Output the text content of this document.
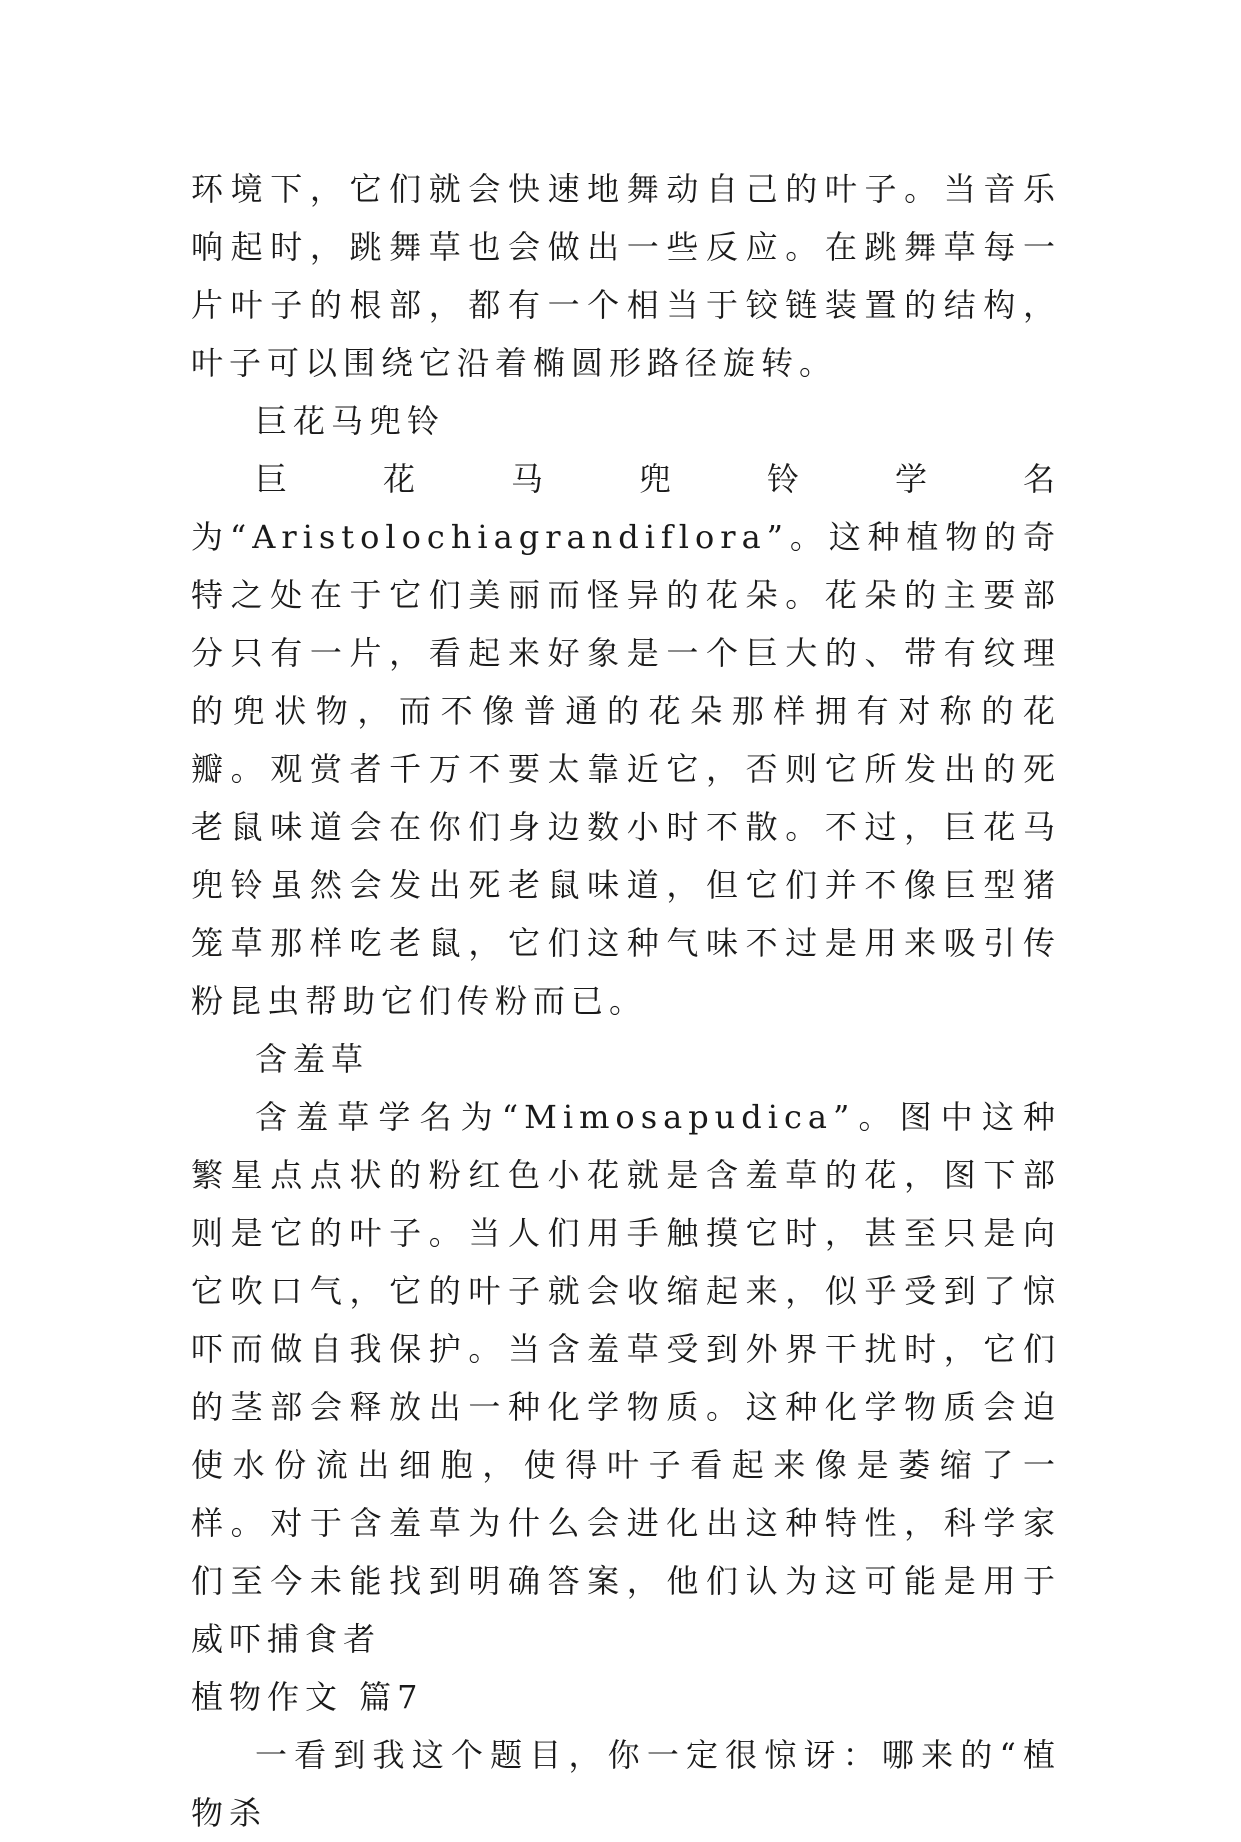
环境下，它们就会快速地舞动自己的叶子。当音乐响起时，跳舞草也会做出一些反应。在跳舞草每一片叶子的根部，都有一个相当于铰链装置的结构，叶子可以围绕它沿着椭圆形路径旋转。

巨花马兜铃

巨花马兜铃学名为“Aristolochiagrandiflora”。这种植物的奇特之处在于它们美丽而怪异的花朵。花朵的主要部分只有一片，看起来好象是一个巨大的、带有纹理的兜状物，而不像普通的花朵那样拥有对称的花瓣。观赏者千万不要太靠近它，否则它所发出的死老鼠味道会在你们身边数小时不散。不过，巨花马兜铃虽然会发出死老鼠味道，但它们并不像巨型猪笼草那样吃老鼠，它们这种气味不过是用来吸引传粉昆虫帮助它们传粉而已。

含羞草

含羞草学名为“Mimosapudica”。图中这种繁星点点状的粉红色小花就是含羞草的花，图下部则是它的叶子。当人们用手触摸它时，甚至只是向它吹口气，它的叶子就会收缩起来，似乎受到了惊吓而做自我保护。当含羞草受到外界干扰时，它们的茎部会释放出一种化学物质。这种化学物质会迫使水份流出细胞，使得叶子看起来像是萎缩了一样。对于含羞草为什么会进化出这种特性，科学家们至今未能找到明确答案，他们认为这可能是用于威吓捕食者

植物作文 篇7

一看到我这个题目，你一定很惊讶：哪来的“植物杀
